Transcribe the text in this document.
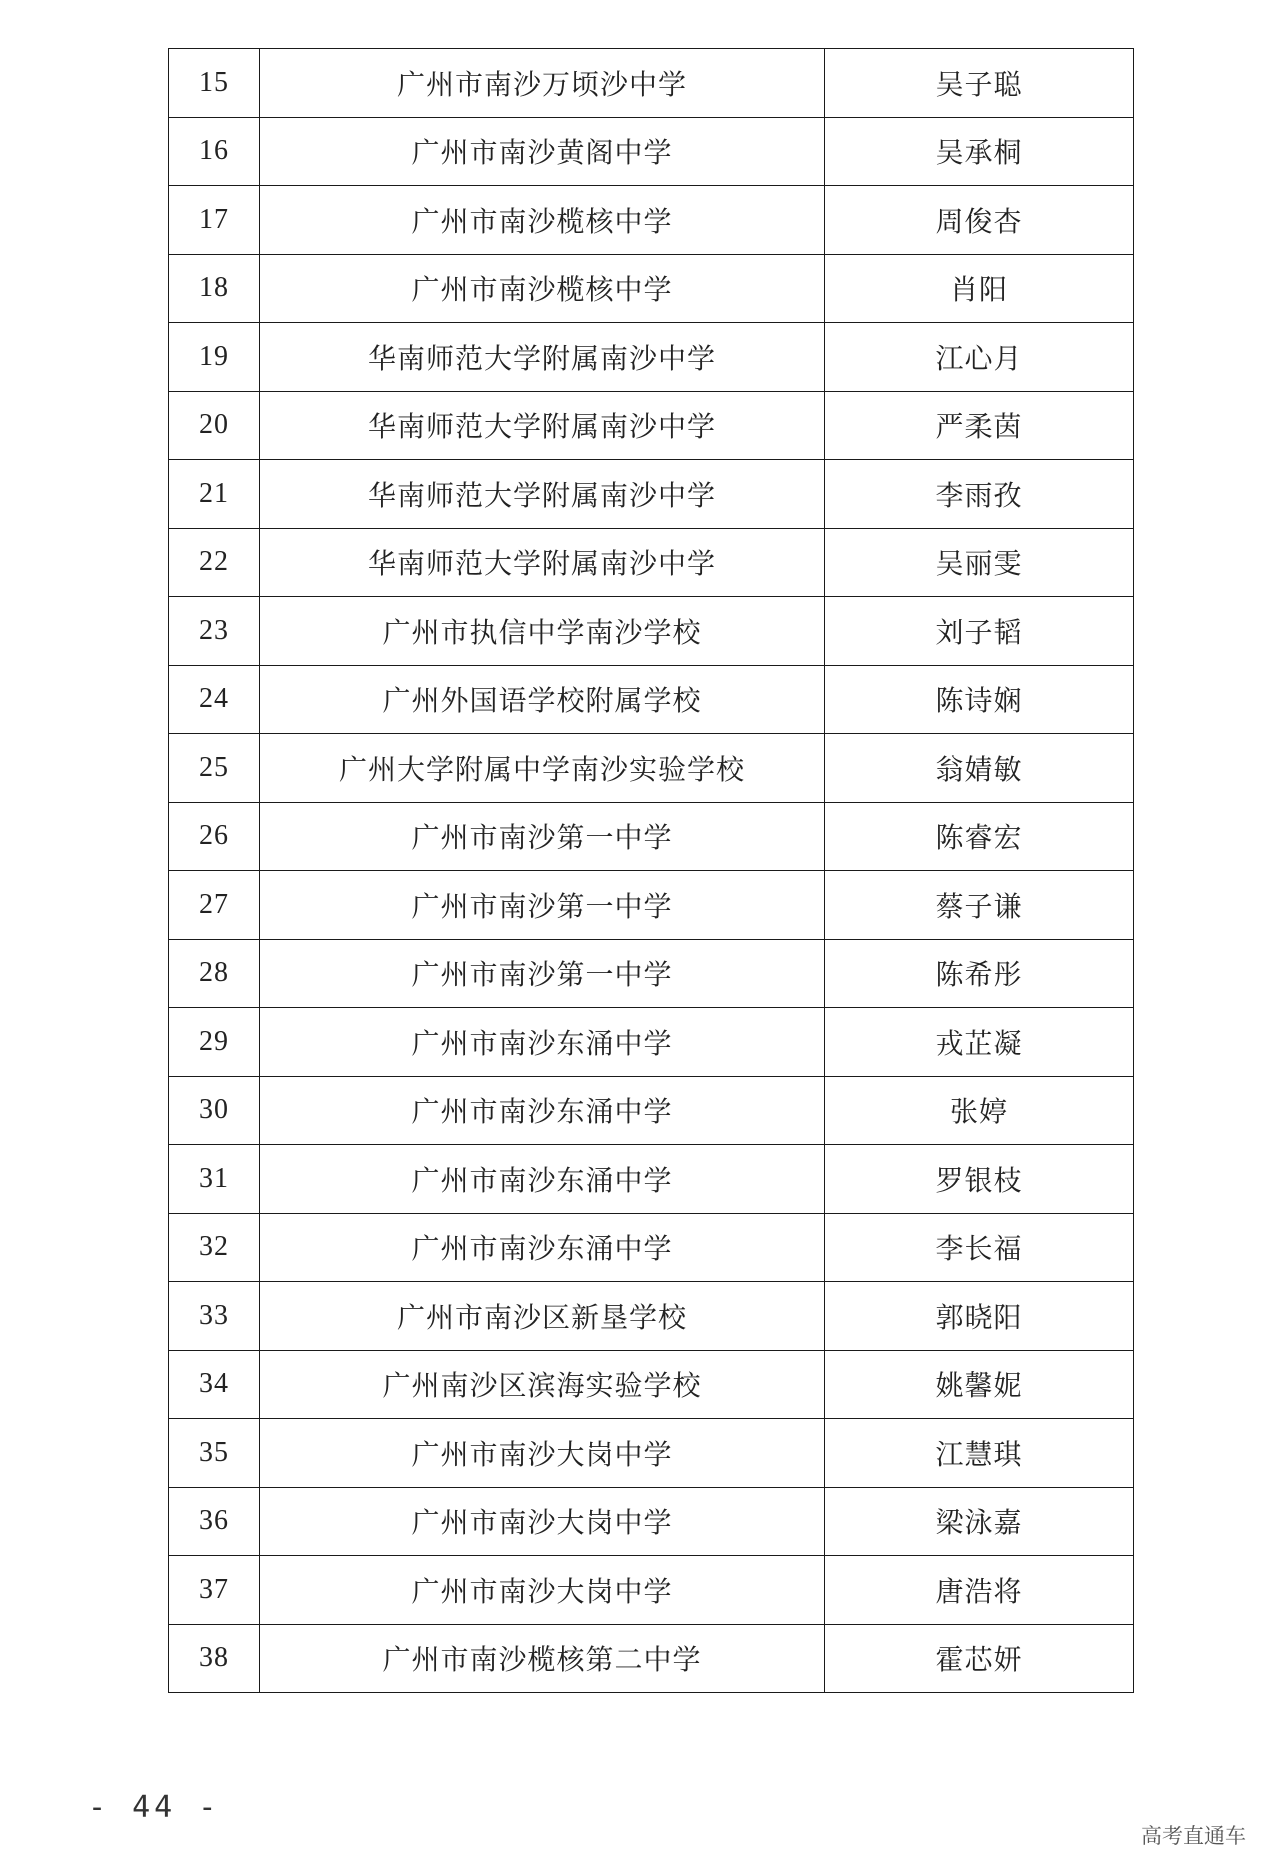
15	广州市南沙万顷沙中学	吴子聪
16	广州市南沙黄阁中学	吴承桐
17	广州市南沙榄核中学	周俊杏
18	广州市南沙榄核中学	肖阳
19	华南师范大学附属南沙中学	江心月
20	华南师范大学附属南沙中学	严柔茵
21	华南师范大学附属南沙中学	李雨孜
22	华南师范大学附属南沙中学	吴丽雯
23	广州市执信中学南沙学校	刘子韬
24	广州外国语学校附属学校	陈诗娴
25	广州大学附属中学南沙实验学校	翁婧敏
26	广州市南沙第一中学	陈睿宏
27	广州市南沙第一中学	蔡子谦
28	广州市南沙第一中学	陈希彤
29	广州市南沙东涌中学	戎芷凝
30	广州市南沙东涌中学	张婷
31	广州市南沙东涌中学	罗银枝
32	广州市南沙东涌中学	李长福
33	广州市南沙区新垦学校	郭晓阳
34	广州南沙区滨海实验学校	姚馨妮
35	广州市南沙大岗中学	江慧琪
36	广州市南沙大岗中学	梁泳嘉
37	广州市南沙大岗中学	唐浩将
38	广州市南沙榄核第二中学	霍芯妍
- 44 -
高考直通车
